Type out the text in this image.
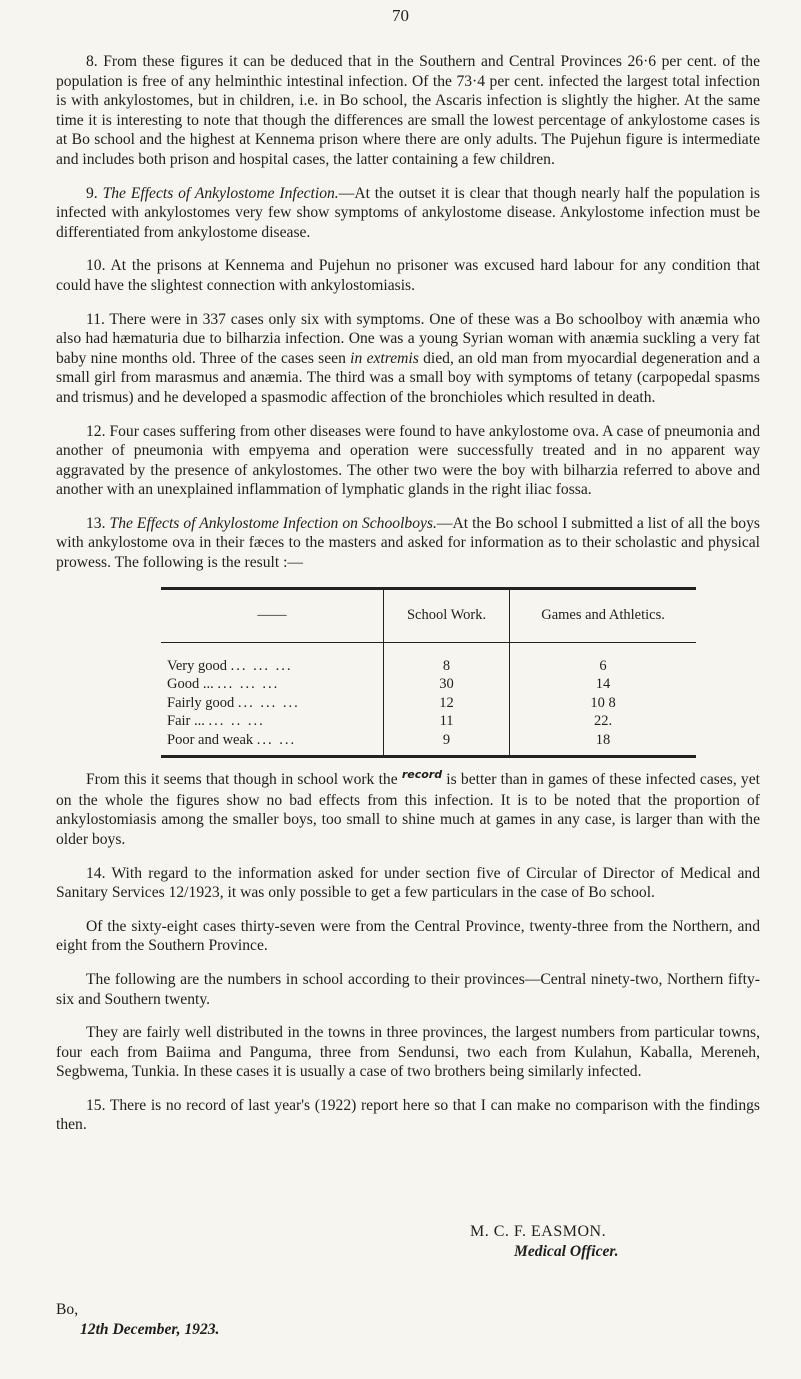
70

8. From these figures it can be deduced that in the Southern and Central Provinces 26·6 per cent. of the population is free of any helminthic intestinal infection. Of the 73·4 per cent. infected the largest total infection is with ankylostomes, but in children, i.e. in Bo school, the Ascaris infection is slightly the higher. At the same time it is interesting to note that though the differences are small the lowest percentage of ankylostome cases is at Bo school and the highest at Kennema prison where there are only adults. The Pujehun figure is intermediate and includes both prison and hospital cases, the latter containing a few children.

9. The Effects of Ankylostome Infection.—At the outset it is clear that though nearly half the population is infected with ankylostomes very few show symptoms of ankylostome disease. Ankylostome infection must be differentiated from ankylostome disease.

10. At the prisons at Kennema and Pujehun no prisoner was excused hard labour for any condition that could have the slightest connection with ankylostomiasis.

11. There were in 337 cases only six with symptoms. One of these was a Bo schoolboy with anæmia who also had hæmaturia due to bilharzia infection. One was a young Syrian woman with anæmia suckling a very fat baby nine months old. Three of the cases seen in extremis died, an old man from myocardial degeneration and a small girl from marasmus and anæmia. The third was a small boy with symptoms of tetany (carpopedal spasms and trismus) and he developed a spasmodic affection of the bronchioles which resulted in death.

12. Four cases suffering from other diseases were found to have ankylostome ova. A case of pneumonia and another of pneumonia with empyema and operation were successfully treated and in no apparent way aggravated by the presence of ankylostomes. The other two were the boy with bilharzia referred to above and another with an unexplained inflammation of lymphatic glands in the right iliac fossa.

13. The Effects of Ankylostome Infection on Schoolboys.—At the Bo school I submitted a list of all the boys with ankylostome ova in their fæces to the masters and asked for information as to their scholastic and physical prowess. The following is the result :—

——	School Work.	Games and Athletics.
Very good ... ... ...	8	6
Good ... ... ... ...	30	14
Fairly good ... ... ...	12	10 8
Fair ... ... .. ...	11	22.
Poor and weak ... ...	9	18

From this it seems that though in school work the $^{record}$ is better than in games of these infected cases, yet on the whole the figures show no bad effects from this infection. It is to be noted that the proportion of ankylostomiasis among the smaller boys, too small to shine much at games in any case, is larger than with the older boys.

14. With regard to the information asked for under section five of Circular of Director of Medical and Sanitary Services 12/1923, it was only possible to get a few particulars in the case of Bo school.

Of the sixty-eight cases thirty-seven were from the Central Province, twenty-three from the Northern, and eight from the Southern Province.

The following are the numbers in school according to their provinces—Central ninety-two, Northern fifty-six and Southern twenty.

They are fairly well distributed in the towns in three provinces, the largest numbers from particular towns, four each from Baiima and Panguma, three from Sendunsi, two each from Kulahun, Kaballa, Mereneh, Segbwema, Tunkia. In these cases it is usually a case of two brothers being similarly infected.

15. There is no record of last year's (1922) report here so that I can make no comparison with the findings then.

M. C. F. EASMON.
Medical Officer.
Bo,
12th December, 1923.
